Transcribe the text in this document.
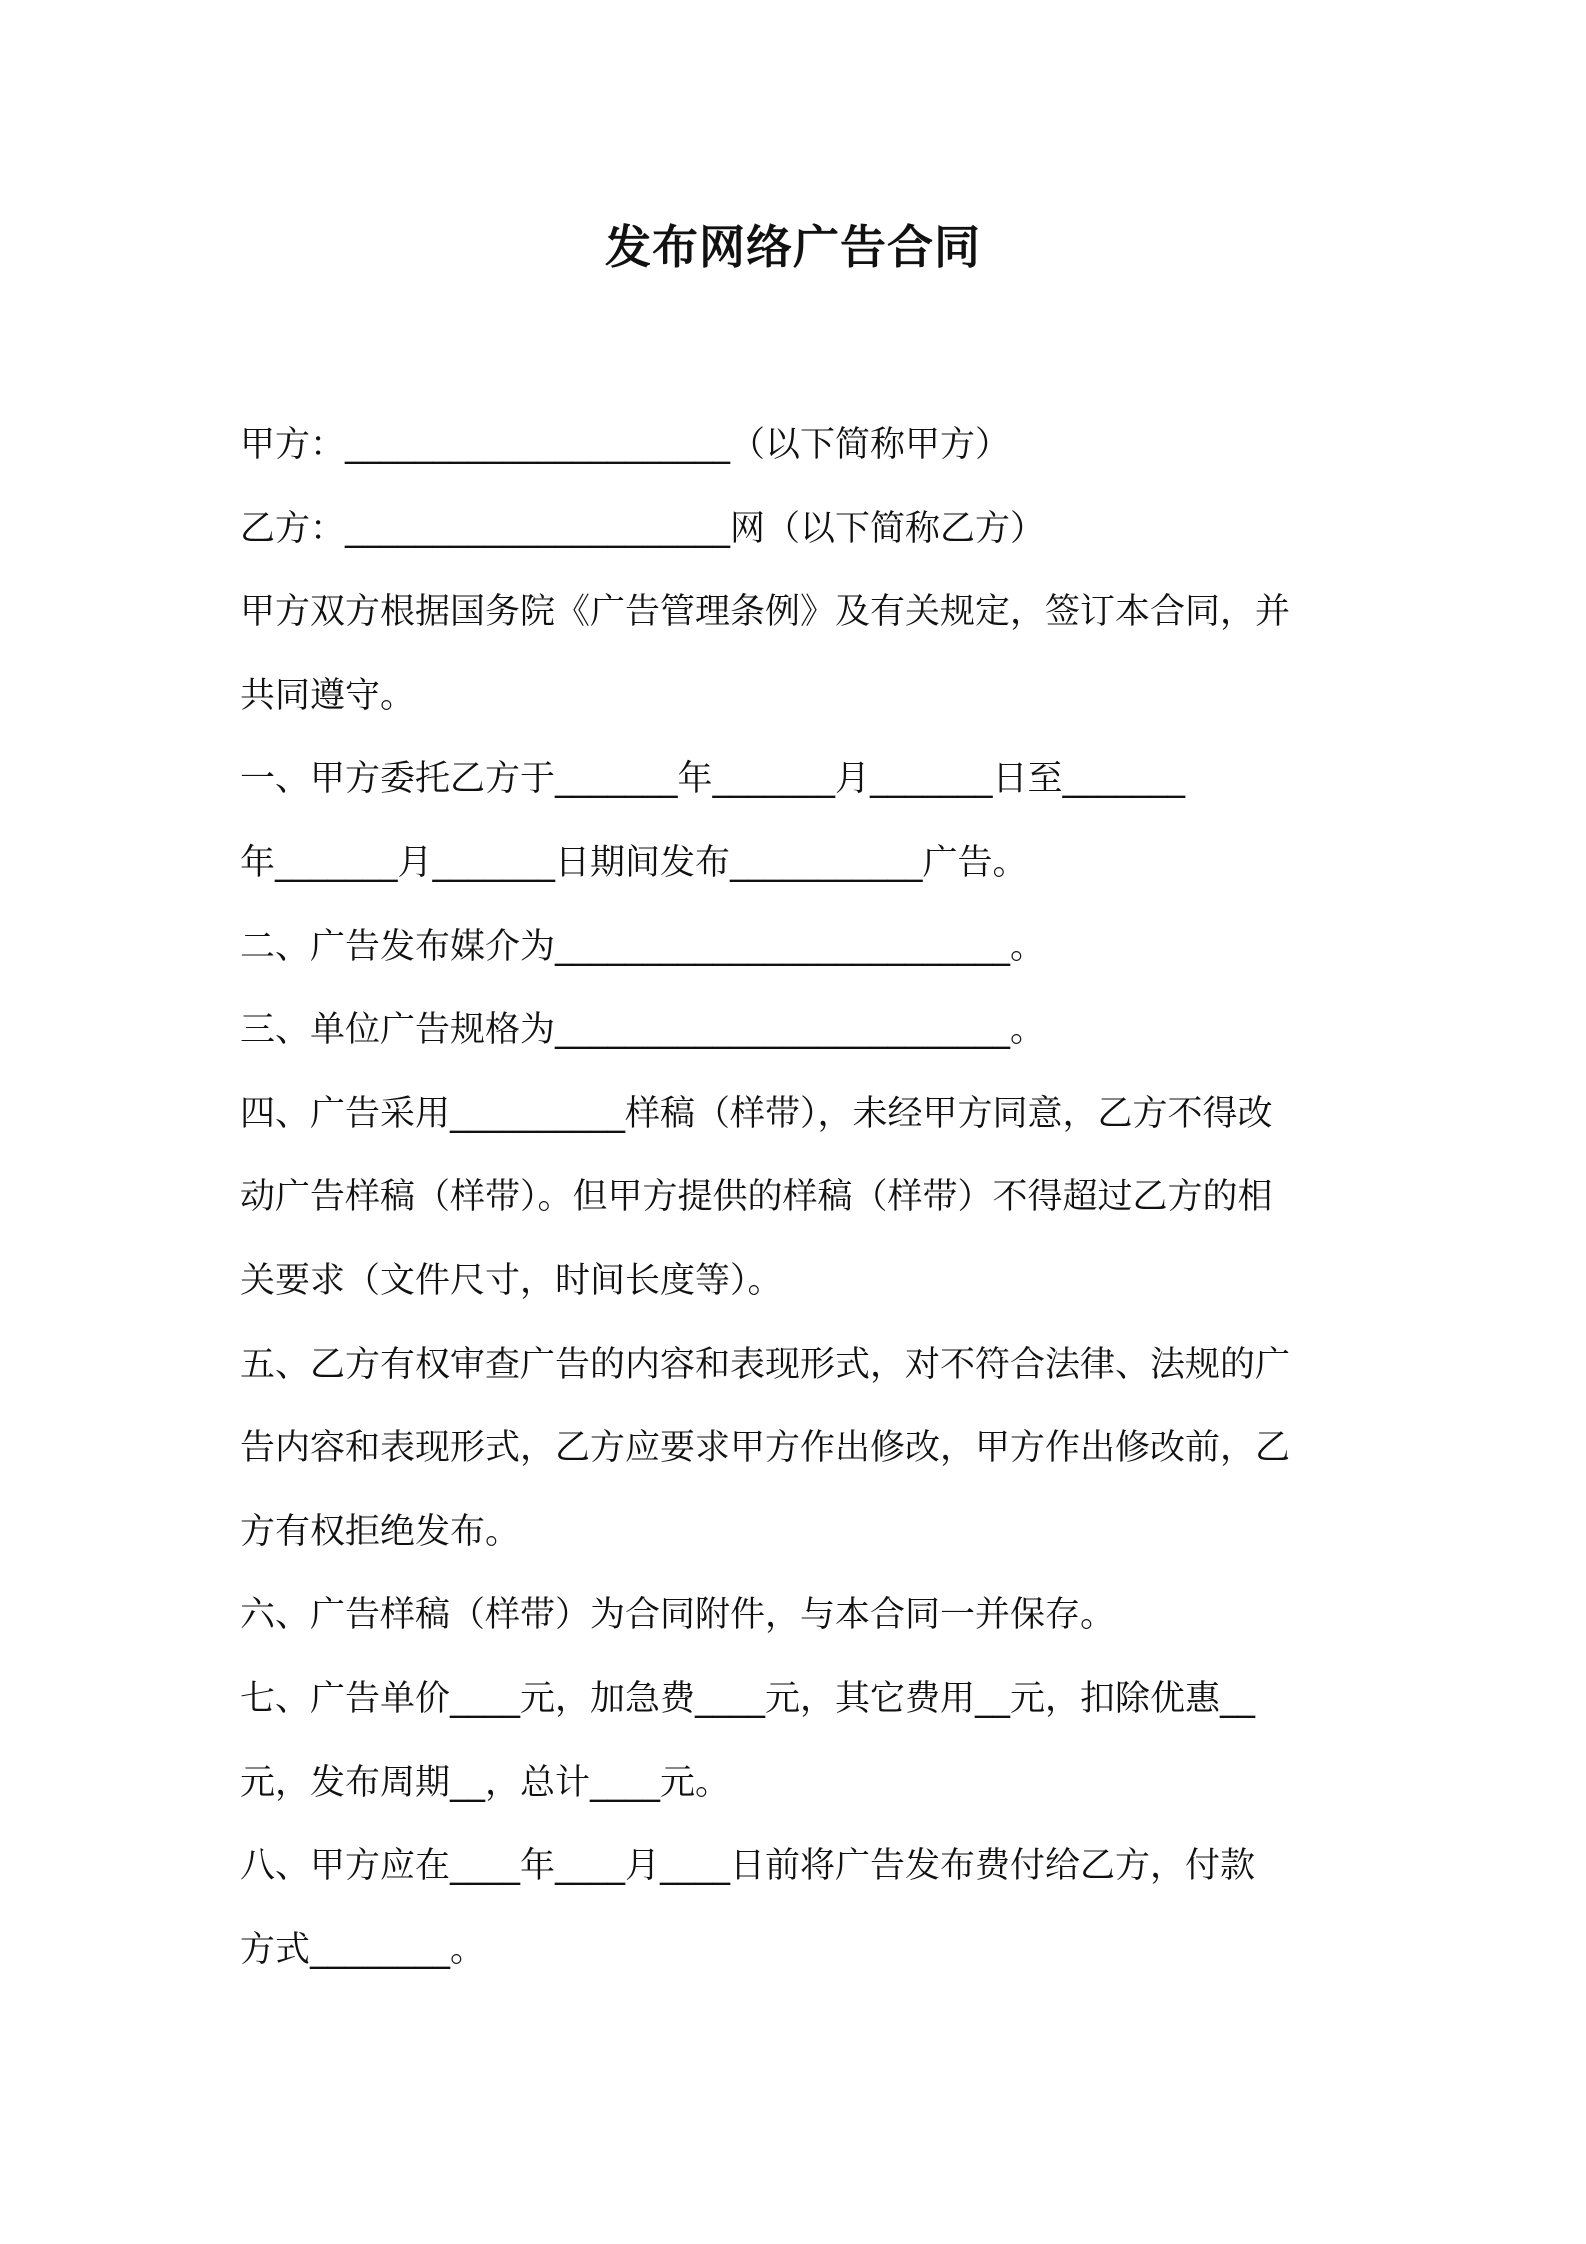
发布网络广告合同
甲方：______________________（以下简称甲方）
乙方：______________________网（以下简称乙方）
甲方双方根据国务院《广告管理条例》及有关规定，签订本合同，并
共同遵守。
一、甲方委托乙方于_______年_______月_______日至_______
年_______月_______日期间发布___________广告。
二、广告发布媒介为__________________________。
三、单位广告规格为__________________________。
四、广告采用__________样稿（样带），未经甲方同意，乙方不得改
动广告样稿（样带）。但甲方提供的样稿（样带）不得超过乙方的相
关要求（文件尺寸，时间长度等）。
五、乙方有权审查广告的内容和表现形式，对不符合法律、法规的广
告内容和表现形式，乙方应要求甲方作出修改，甲方作出修改前，乙
方有权拒绝发布。
六、广告样稿（样带）为合同附件，与本合同一并保存。
七、广告单价____元，加急费____元，其它费用__元，扣除优惠__
元，发布周期__，总计____元。
八、甲方应在____年____月____日前将广告发布费付给乙方，付款
方式________。
